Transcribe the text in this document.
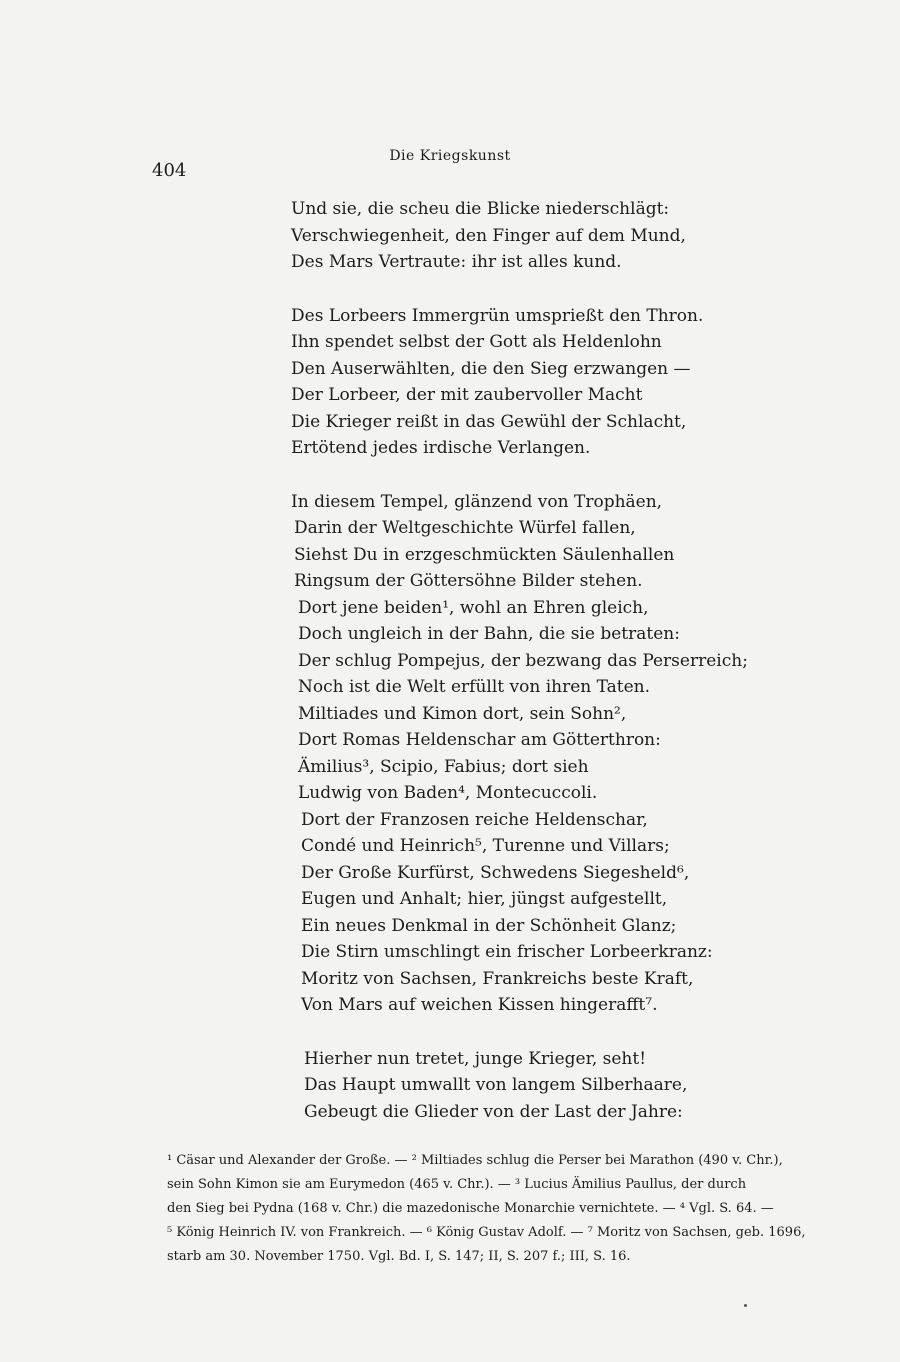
404
Die Kriegskunst
Und sie, die scheu die Blicke niederschlägt:
Verschwiegenheit, den Finger auf dem Mund,
Des Mars Vertraute: ihr ist alles kund.
Des Lorbeers Immergrün umsprießt den Thron.
Ihn spendet selbst der Gott als Heldenlohn
Den Auserwählten, die den Sieg erzwangen —
Der Lorbeer, der mit zaubervoller Macht
Die Krieger reißt in das Gewühl der Schlacht,
Ertötend jedes irdische Verlangen.
In diesem Tempel, glänzend von Trophäen,
Darin der Weltgeschichte Würfel fallen,
Siehst Du in erzgeschmückten Säulenhallen
Ringsum der Göttersöhne Bilder stehen.
Dort jene beiden¹, wohl an Ehren gleich,
Doch ungleich in der Bahn, die sie betraten:
Der schlug Pompejus, der bezwang das Perserreich;
Noch ist die Welt erfüllt von ihren Taten.
Miltiades und Kimon dort, sein Sohn²,
Dort Romas Heldenschar am Götterthron:
Ämilius³, Scipio, Fabius; dort sieh
Ludwig von Baden⁴, Montecuccoli.
Dort der Franzosen reiche Heldenschar,
Condé und Heinrich⁵, Turenne und Villars;
Der Große Kurfürst, Schwedens Siegesheld⁶,
Eugen und Anhalt; hier, jüngst aufgestellt,
Ein neues Denkmal in der Schönheit Glanz;
Die Stirn umschlingt ein frischer Lorbeerkranz:
Moritz von Sachsen, Frankreichs beste Kraft,
Von Mars auf weichen Kissen hingerafft⁷.
Hierher nun tretet, junge Krieger, seht!
Das Haupt umwallt von langem Silberhaare,
Gebeugt die Glieder von der Last der Jahre:
¹ Cäsar und Alexander der Große. — ² Miltiades schlug die Perser bei Marathon (490 v. Chr.),
sein Sohn Kimon sie am Eurymedon (465 v. Chr.). — ³ Lucius Ämilius Paullus, der durch
den Sieg bei Pydna (168 v. Chr.) die mazedonische Monarchie vernichtete. — ⁴ Vgl. S. 64. —
⁵ König Heinrich IV. von Frankreich. — ⁶ König Gustav Adolf. — ⁷ Moritz von Sachsen, geb. 1696,
starb am 30. November 1750. Vgl. Bd. I, S. 147; II, S. 207 f.; III, S. 16.
